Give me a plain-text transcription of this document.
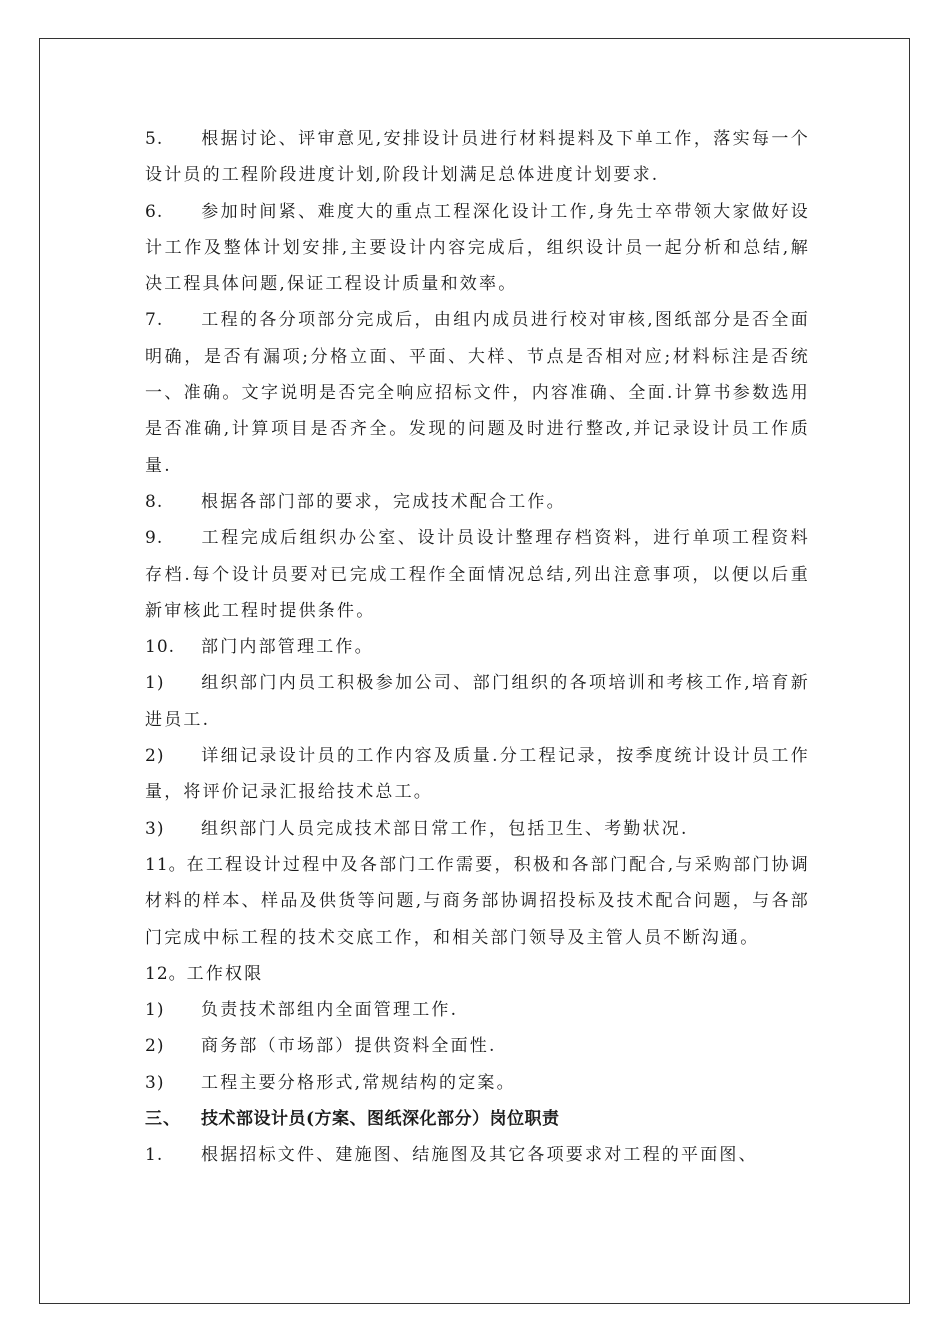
5. 根据讨论、评审意见,安排设计员进行材料提料及下单工作，落实每一个设计员的工程阶段进度计划,阶段计划满足总体进度计划要求.

6. 参加时间紧、难度大的重点工程深化设计工作,身先士卒带领大家做好设计工作及整体计划安排,主要设计内容完成后，组织设计员一起分析和总结,解决工程具体问题,保证工程设计质量和效率。

7. 工程的各分项部分完成后，由组内成员进行校对审核,图纸部分是否全面明确，是否有漏项;分格立面、平面、大样、节点是否相对应;材料标注是否统一、准确。文字说明是否完全响应招标文件，内容准确、全面.计算书参数选用是否准确,计算项目是否齐全。发现的问题及时进行整改,并记录设计员工作质量.

8. 根据各部门部的要求，完成技术配合工作。

9. 工程完成后组织办公室、设计员设计整理存档资料，进行单项工程资料存档.每个设计员要对已完成工程作全面情况总结,列出注意事项，以便以后重新审核此工程时提供条件。

10. 部门内部管理工作。

1) 组织部门内员工积极参加公司、部门组织的各项培训和考核工作,培育新进员工.

2) 详细记录设计员的工作内容及质量.分工程记录，按季度统计设计员工作量，将评价记录汇报给技术总工。

3) 组织部门人员完成技术部日常工作，包括卫生、考勤状况.

11。在工程设计过程中及各部门工作需要，积极和各部门配合,与采购部门协调材料的样本、样品及供货等问题,与商务部协调招投标及技术配合问题，与各部门完成中标工程的技术交底工作，和相关部门领导及主管人员不断沟通。

12。工作权限

1) 负责技术部组内全面管理工作.

2) 商务部（市场部）提供资料全面性.

3) 工程主要分格形式,常规结构的定案。

三、 技术部设计员(方案、图纸深化部分）岗位职责

1. 根据招标文件、建施图、结施图及其它各项要求对工程的平面图、
